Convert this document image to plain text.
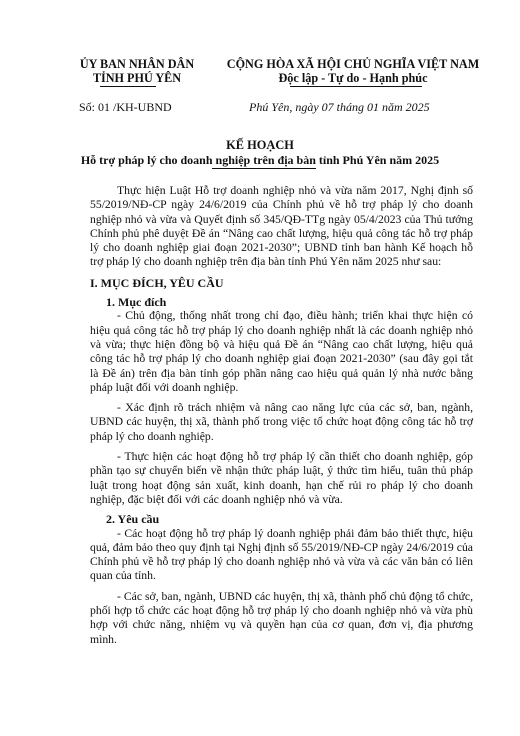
ỦY BAN NHÂN DÂN
TỈNH PHÚ YÊN
CỘNG HÒA XÃ HỘI CHỦ NGHĨA VIỆT NAM
Độc lập - Tự do - Hạnh phúc
Số: 01 /KH-UBND	Phú Yên, ngày 07 tháng 01 năm 2025
KẾ HOẠCH
Hỗ trợ pháp lý cho doanh nghiệp trên địa bàn tỉnh Phú Yên năm 2025

Thực hiện Luật Hỗ trợ doanh nghiệp nhỏ và vừa năm 2017, Nghị định số 55/2019/NĐ-CP ngày 24/6/2019 của Chính phủ về hỗ trợ pháp lý cho doanh nghiệp nhỏ và vừa và Quyết định số 345/QĐ-TTg ngày 05/4/2023 của Thủ tướng Chính phủ phê duyệt Đề án “Nâng cao chất lượng, hiệu quả công tác hỗ trợ pháp lý cho doanh nghiệp giai đoạn 2021-2030”; UBND tỉnh ban hành Kế hoạch hỗ trợ pháp lý cho doanh nghiệp trên địa bàn tỉnh Phú Yên năm 2025 như sau:

I. MỤC ĐÍCH, YÊU CẦU
1. Mục đích

- Chủ động, thống nhất trong chỉ đạo, điều hành; triển khai thực hiện có hiệu quả công tác hỗ trợ pháp lý cho doanh nghiệp nhất là các doanh nghiệp nhỏ và vừa; thực hiện đồng bộ và hiệu quả Đề án “Nâng cao chất lượng, hiệu quả công tác hỗ trợ pháp lý cho doanh nghiệp giai đoạn 2021-2030” (sau đây gọi tắt là Đề án) trên địa bàn tỉnh góp phần nâng cao hiệu quả quản lý nhà nước bằng pháp luật đối với doanh nghiệp.

- Xác định rõ trách nhiệm và nâng cao năng lực của các sở, ban, ngành, UBND các huyện, thị xã, thành phố trong việc tổ chức hoạt động công tác hỗ trợ pháp lý cho doanh nghiệp.

- Thực hiện các hoạt động hỗ trợ pháp lý cần thiết cho doanh nghiệp, góp phần tạo sự chuyển biến về nhận thức pháp luật, ý thức tìm hiểu, tuân thủ pháp luật trong hoạt động sản xuất, kinh doanh, hạn chế rủi ro pháp lý cho doanh nghiệp, đặc biệt đối với các doanh nghiệp nhỏ và vừa.

2. Yêu cầu

- Các hoạt động hỗ trợ pháp lý doanh nghiệp phải đảm bảo thiết thực, hiệu quả, đảm bảo theo quy định tại Nghị định số 55/2019/NĐ-CP ngày 24/6/2019 của Chính phủ về hỗ trợ pháp lý cho doanh nghiệp nhỏ và vừa và các văn bản có liên quan của tỉnh.

- Các sở, ban, ngành, UBND các huyện, thị xã, thành phố chủ động tổ chức, phối hợp tổ chức các hoạt động hỗ trợ pháp lý cho doanh nghiệp nhỏ và vừa phù hợp với chức năng, nhiệm vụ và quyền hạn của cơ quan, đơn vị, địa phương mình.
